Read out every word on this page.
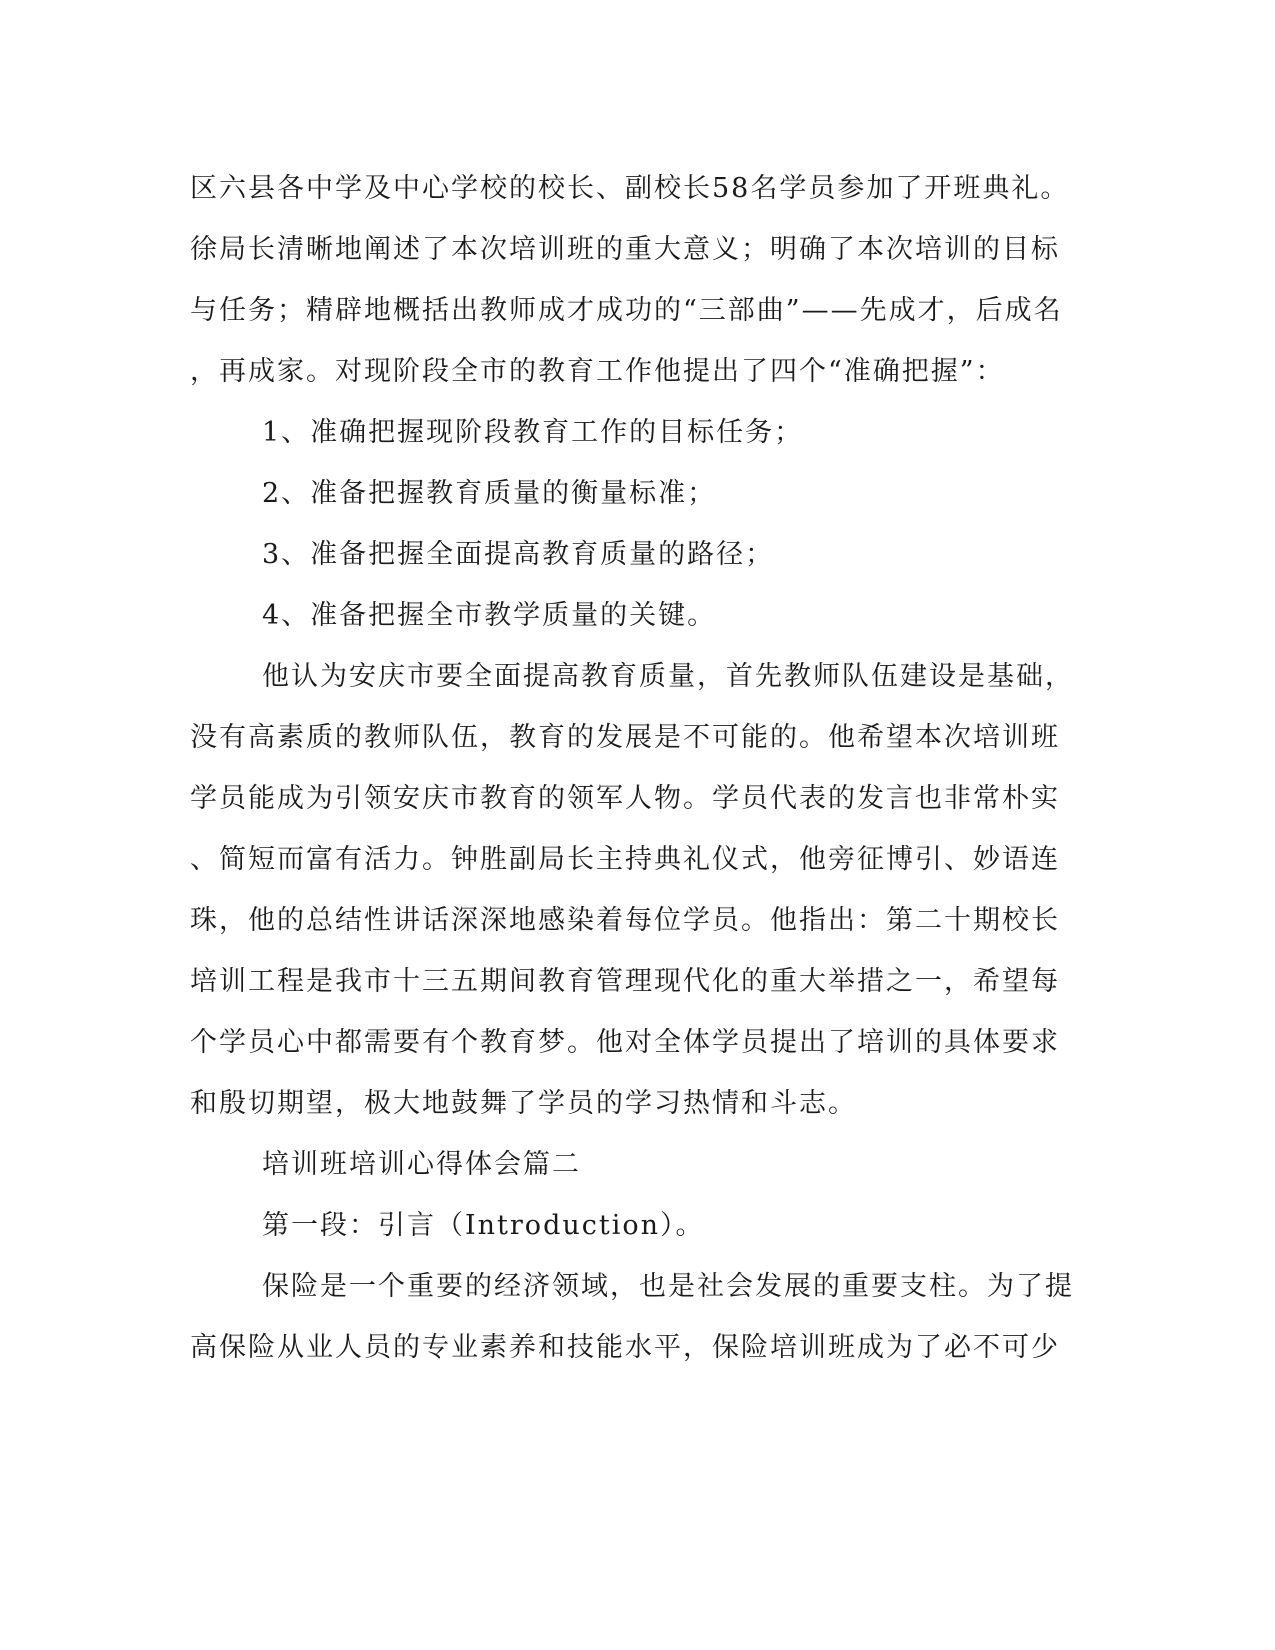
区六县各中学及中心学校的校长、副校长58名学员参加了开班典礼。
徐局长清晰地阐述了本次培训班的重大意义；明确了本次培训的目标
与任务；精辟地概括出教师成才成功的“三部曲”——先成才，后成名
，再成家。对现阶段全市的教育工作他提出了四个“准确把握”：
1、准确把握现阶段教育工作的目标任务；
2、准备把握教育质量的衡量标准；
3、准备把握全面提高教育质量的路径；
4、准备把握全市教学质量的关键。
他认为安庆市要全面提高教育质量，首先教师队伍建设是基础，
没有高素质的教师队伍，教育的发展是不可能的。他希望本次培训班
学员能成为引领安庆市教育的领军人物。学员代表的发言也非常朴实
、简短而富有活力。钟胜副局长主持典礼仪式，他旁征博引、妙语连
珠，他的总结性讲话深深地感染着每位学员。他指出：第二十期校长
培训工程是我市十三五期间教育管理现代化的重大举措之一，希望每
个学员心中都需要有个教育梦。他对全体学员提出了培训的具体要求
和殷切期望，极大地鼓舞了学员的学习热情和斗志。
培训班培训心得体会篇二
第一段：引言（Introduction）。
保险是一个重要的经济领域，也是社会发展的重要支柱。为了提
高保险从业人员的专业素养和技能水平，保险培训班成为了必不可少
